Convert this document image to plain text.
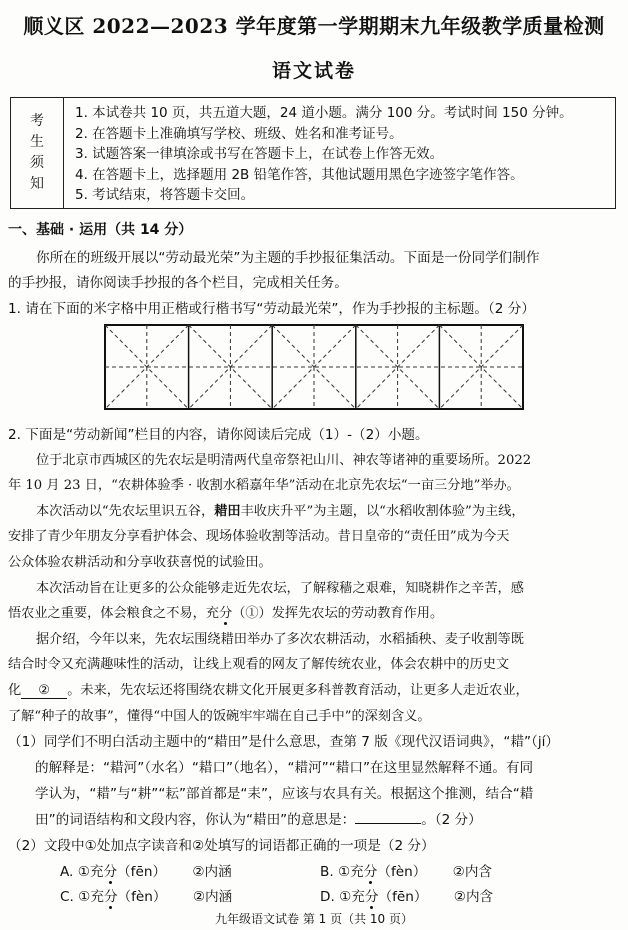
顺义区 2022—2023 学年度第一学期期末九年级教学质量检测
语文试卷
考
生
须
知
1. 本试卷共 10 页，共五道大题，24 道小题。满分 100 分。考试时间 150 分钟。
2. 在答题卡上准确填写学校、班级、姓名和准考证号。
3. 试题答案一律填涂或书写在答题卡上，在试卷上作答无效。
4. 在答题卡上，选择题用 2B 铅笔作答，其他试题用黑色字迹签字笔作答。
5. 考试结束，将答题卡交回。
一、基础 · 运用（共 14 分）
你所在的班级开展以“劳动最光荣”为主题的手抄报征集活动。下面是一份同学们制作
的手抄报，请你阅读手抄报的各个栏目，完成相关任务。
1. 请在下面的米字格中用正楷或行楷书写“劳动最光荣”，作为手抄报的主标题。（2 分）
2. 下面是“劳动新闻”栏目的内容，请你阅读后完成（1）-（2）小题。
位于北京市西城区的先农坛是明清两代皇帝祭祀山川、神农等诸神的重要场所。2022
年 10 月 23 日，“农耕体验季 · 收割水稻嘉年华”活动在北京先农坛“一亩三分地”举办。
本次活动以“先农坛里识五谷，耤田丰收庆升平”为主题，以“水稻收割体验”为主线，
安排了青少年朋友分享看护体会、现场体验收割等活动。昔日皇帝的“责任田”成为今天
公众体验农耕活动和分享收获喜悦的试验田。
本次活动旨在让更多的公众能够走近先农坛，了解稼穑之艰难，知晓耕作之辛苦，感
悟农业之重要，体会粮食之不易，充分（①）发挥先农坛的劳动教育作用。
据介绍，今年以来，先农坛围绕耤田举办了多次农耕活动，水稻插秧、麦子收割等既
结合时令又充满趣味性的活动，让线上观看的网友了解传统农业，体会农耕中的历史文
化 ② 。未来，先农坛还将围绕农耕文化开展更多科普教育活动，让更多人走近农业，
了解“种子的故事”，懂得“中国人的饭碗牢牢端在自己手中”的深刻含义。
（1）同学们不明白活动主题中的“耤田”是什么意思，查第 7 版《现代汉语词典》，“耤”（jí）
的解释是：“耤河”（水名）“耤口”（地名），“耤河”“耤口”在这里显然解释不通。有同
学认为，“耤”与“耕”“耘”部首都是“耒”，应该与农具有关。根据这个推测，结合“耤
田”的词语结构和文段内容，你认为“耤田”的意思是：	。（2 分）
（2）文段中①处加点字读音和②处填写的词语都正确的一项是（2 分）
A. ①充分（fēn） ②内涵	B. ①充分（fèn） ②内含
C. ①充分（fèn） ②内涵	D. ①充分（fēn） ②内含
九年级语文试卷 第 1 页（共 10 页）
